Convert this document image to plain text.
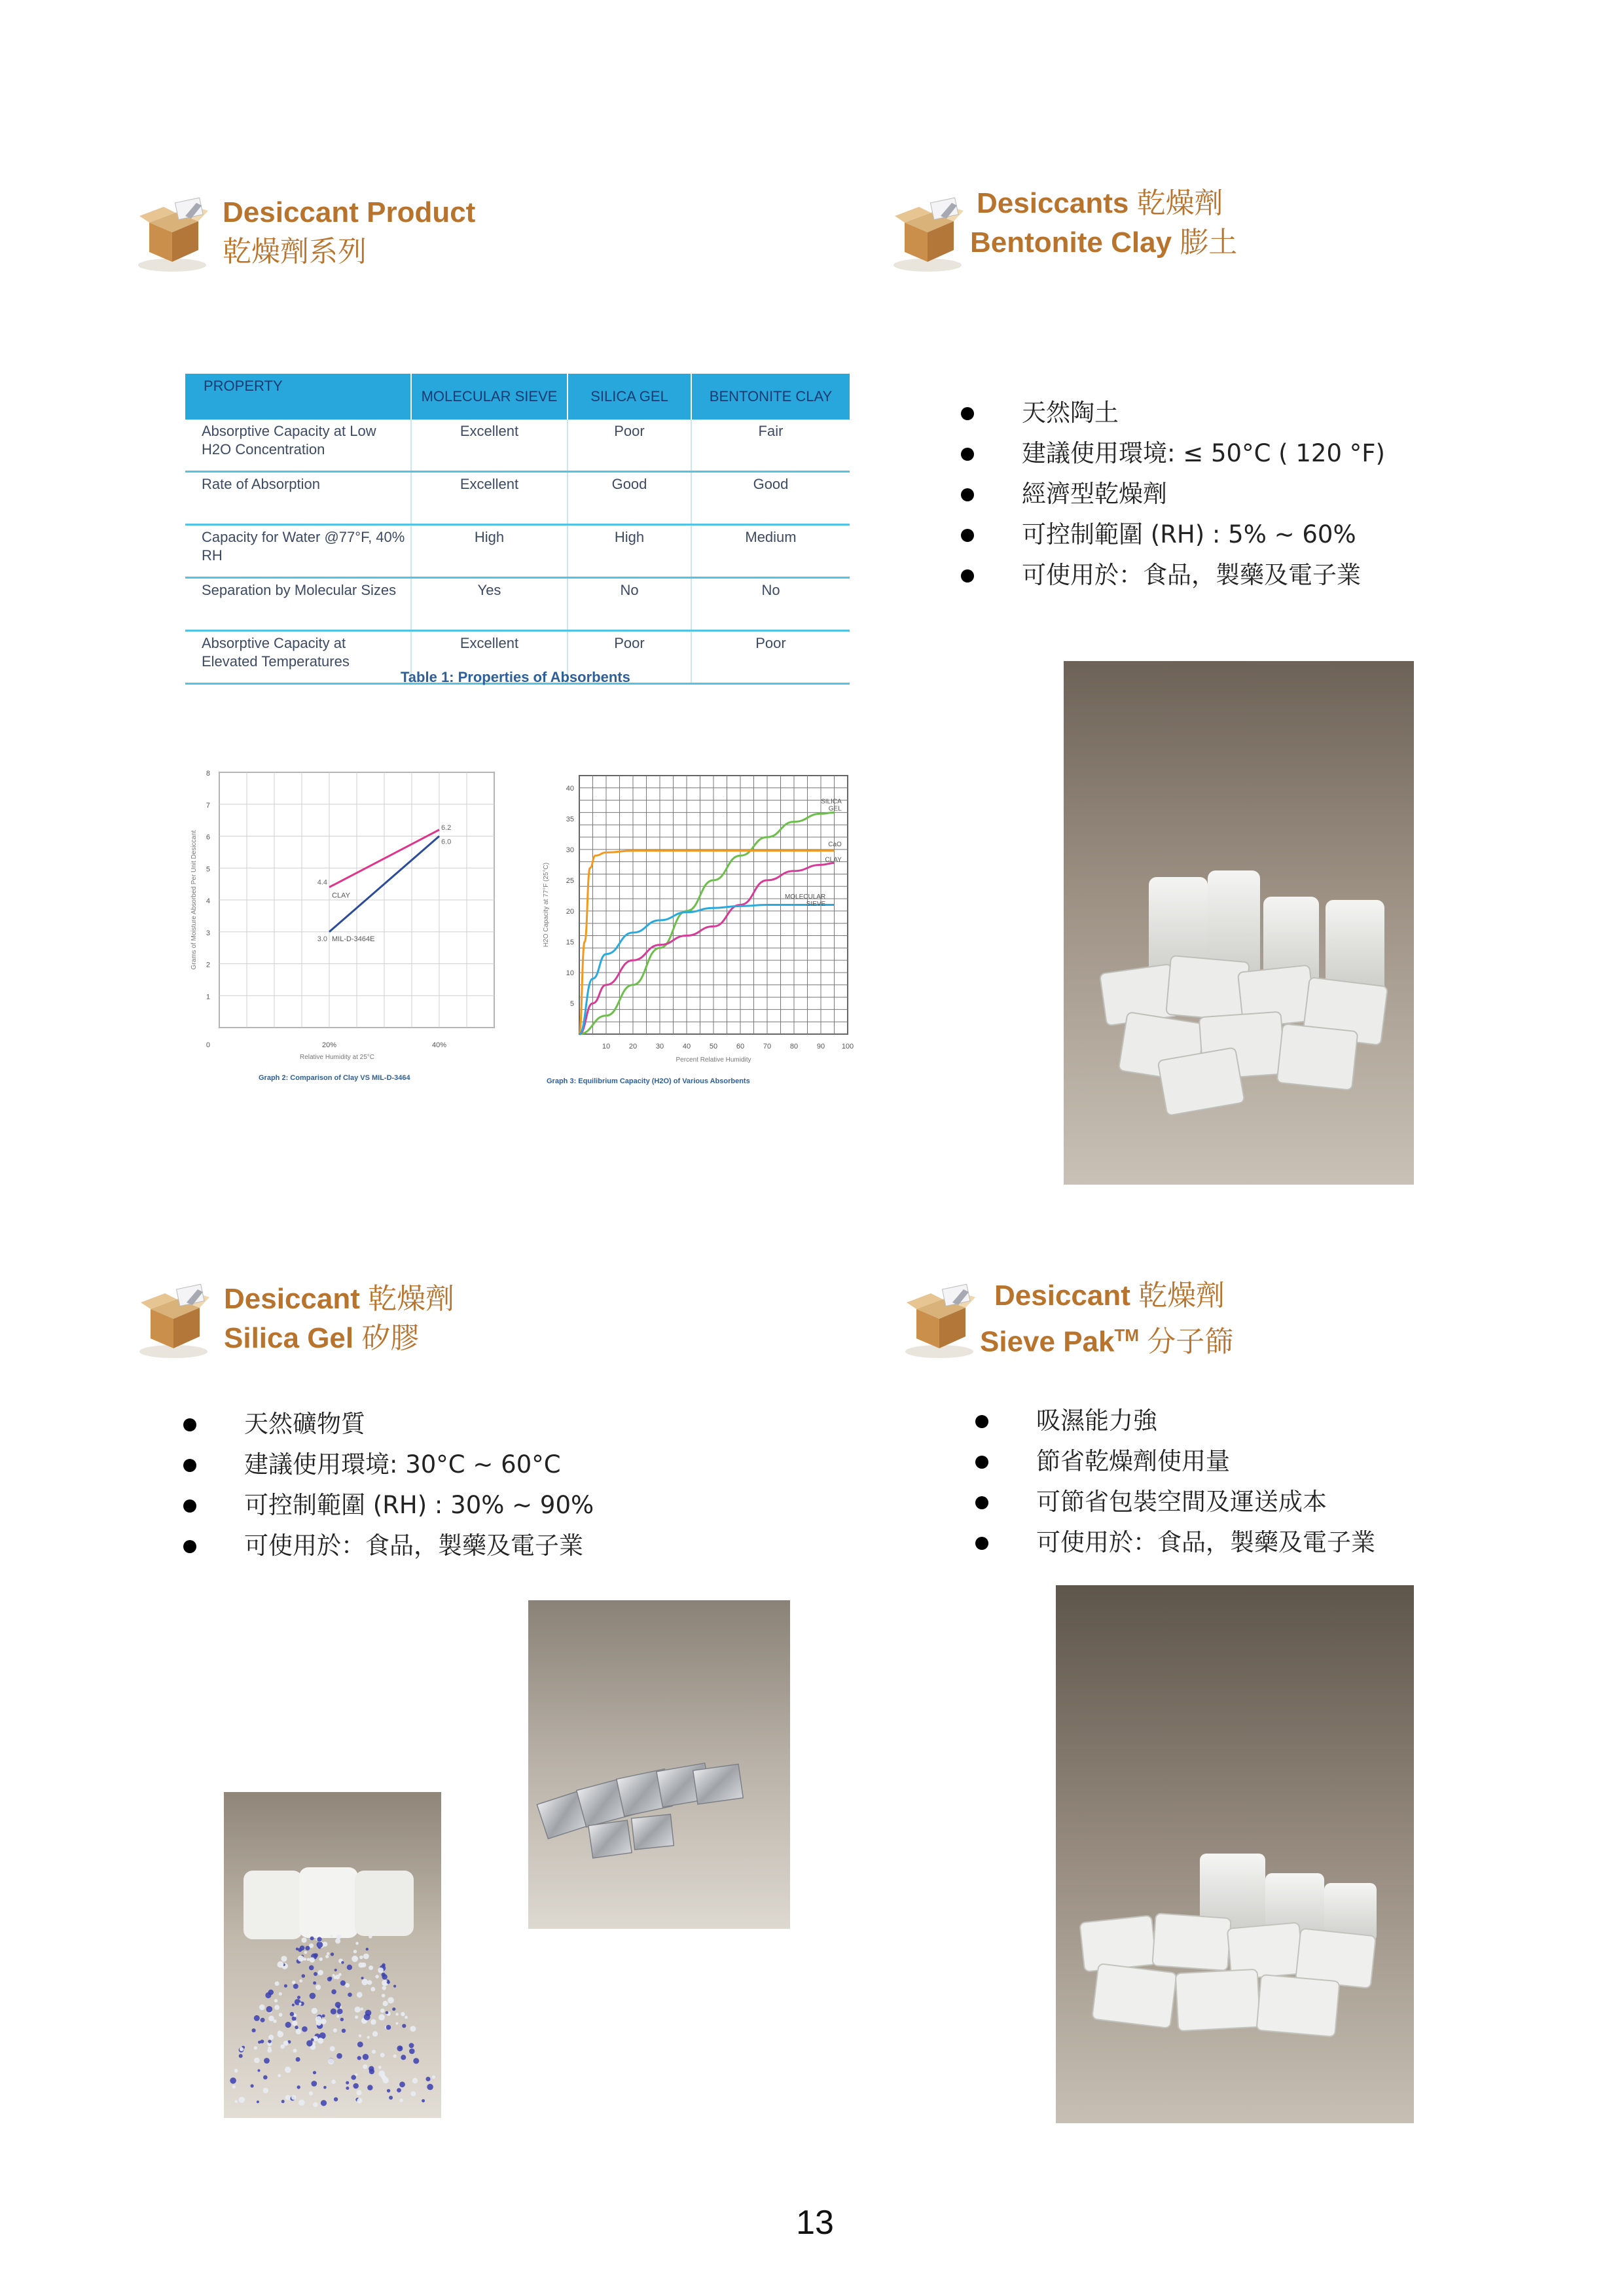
Desiccant Product
乾燥劑系列
Desiccants 乾燥劑
Bentonite Clay 膨土
天然陶土
建議使用環境: ≤ 50°C ( 120 °F)
經濟型乾燥劑
可控制範圍 (RH) : 5% ~ 60%
可使用於：食品，製藥及電子業
PROPERTY	MOLECULAR SIEVE	SILICA GEL	BENTONITE CLAY
Absorptive Capacity at Low H2O Concentration	Excellent	Poor	Fair
Rate of Absorption	Excellent	Good	Good
Capacity for Water @77°F, 40% RH	High	High	Medium
Separation by Molecular Sizes	Yes	No	No
Absorptive Capacity at Elevated Temperatures	Excellent	Poor	Poor
Table 1: Properties of Absorbents
1
2
3
4
5
6
7
8
0	20%	40%
Relative Humidity at 25°C
Grams of Moisture Absorbed Per Unit Desiccant	4.4
6.2
CLAY
3.0
6.0
MIL-D-3464E
Graph 2: Comparison of Clay VS MIL-D-3464
5
10
15
20
25
30
35
40
10	20	30	40	50	60	70	80	90 100
Percent Relative Humidity
H2O Capacity at 77°F (25°C)
SILICA GEL
CaO
CLAY
MOLECULAR SIEVE
Graph 3: Equilibrium Capacity (H2O) of Various Absorbents
Desiccant 乾燥劑
Silica Gel 矽膠
天然礦物質
建議使用環境: 30°C ~ 60°C
可控制範圍 (RH) : 30% ~ 90%
可使用於：食品，製藥及電子業
Desiccant 乾燥劑
Sieve Pak™ 分子篩
吸濕能力強
節省乾燥劑使用量
可節省包裝空間及運送成本
可使用於：食品，製藥及電子業
13
